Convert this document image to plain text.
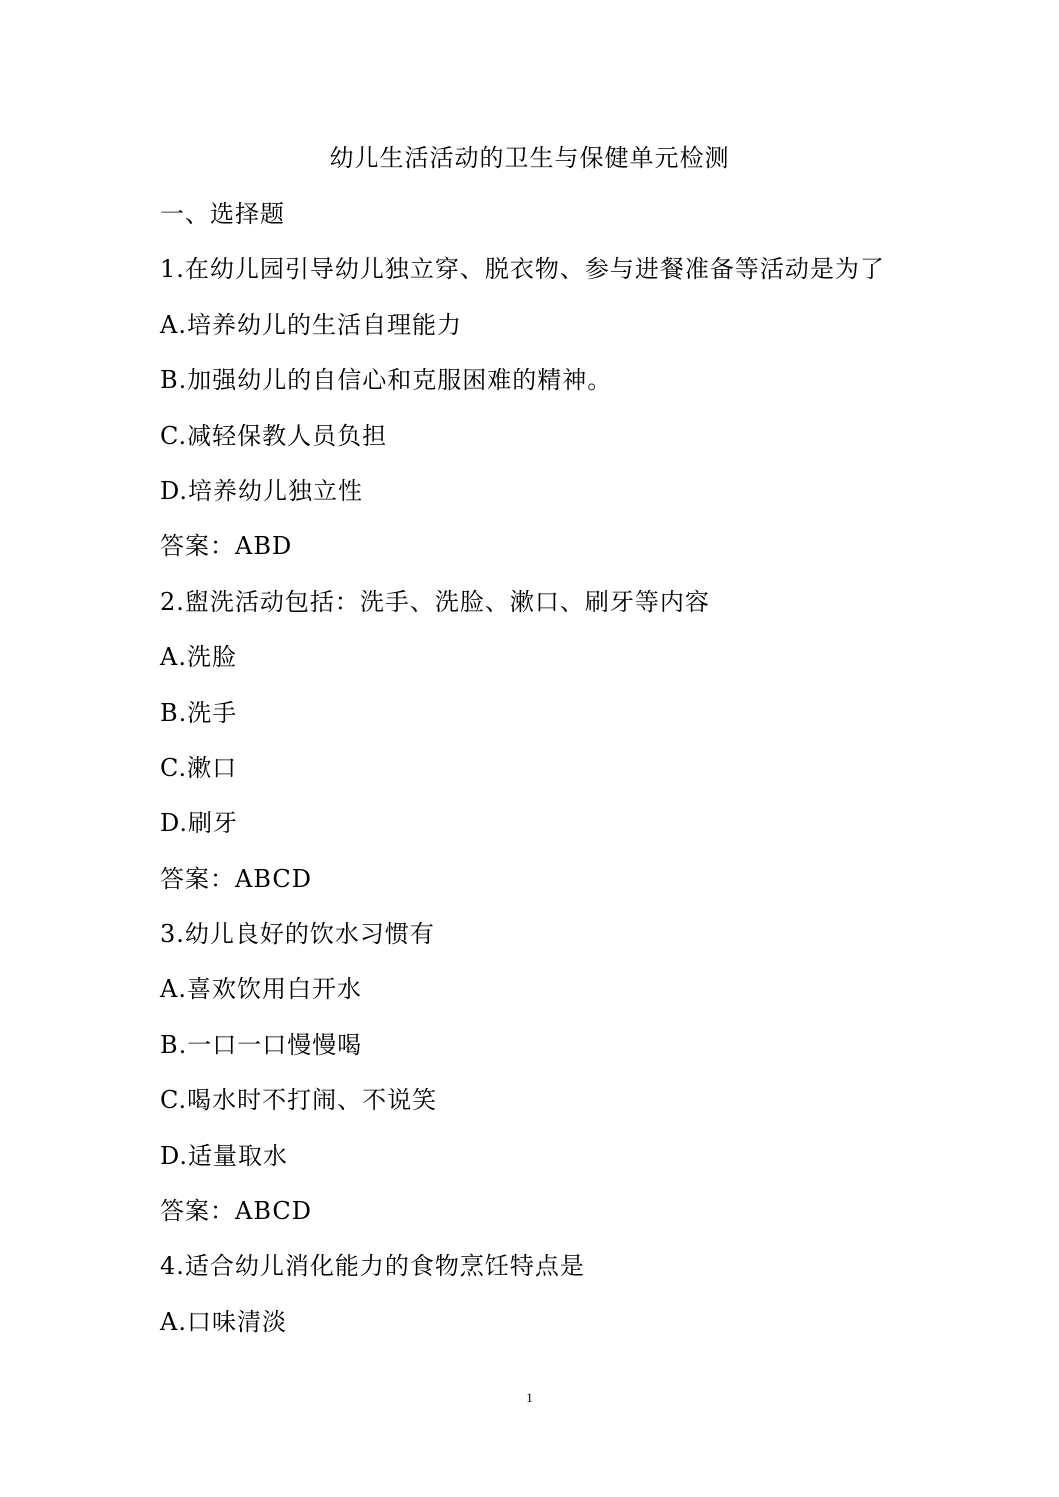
幼儿生活活动的卫生与保健单元检测
一、选择题
1.在幼儿园引导幼儿独立穿、脱衣物、参与进餐准备等活动是为了
A.培养幼儿的生活自理能力
B.加强幼儿的自信心和克服困难的精神。
C.减轻保教人员负担
D.培养幼儿独立性
答案：ABD
2.盥洗活动包括：洗手、洗脸、漱口、刷牙等内容
A.洗脸
B.洗手
C.漱口
D.刷牙
答案：ABCD
3.幼儿良好的饮水习惯有
A.喜欢饮用白开水
B.一口一口慢慢喝
C.喝水时不打闹、不说笑
D.适量取水
答案：ABCD
4.适合幼儿消化能力的食物烹饪特点是
A.口味清淡
1
